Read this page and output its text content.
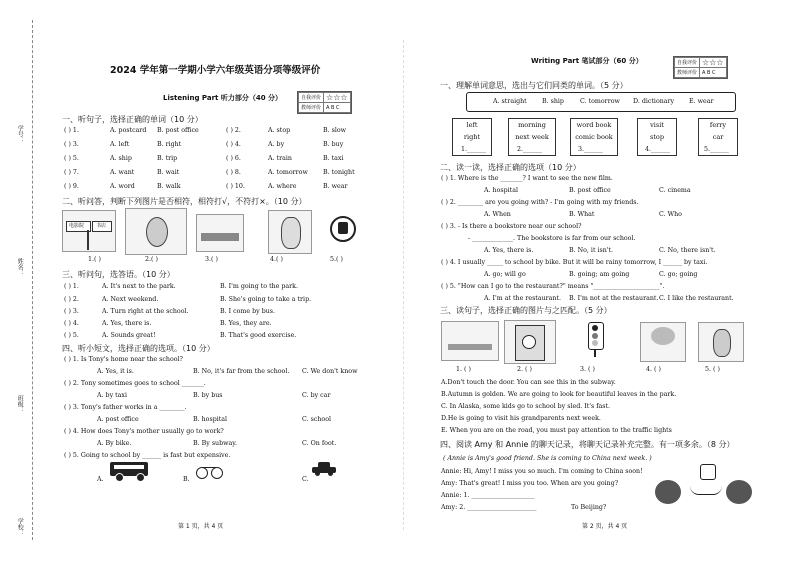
学号：
姓名：
班级：
学校：
2024 学年第一学期小学六年级英语分项等级评价
Listening Part 听力部分（40 分）	自我评价	☆☆☆
教师评价	A B C
一、听句子，选择正确的单词（10 分）
( ) 1.	A. postcard B. post office	( ) 2.	A. stop	B. slow
( ) 3.	A. left	B. right	( ) 4.	A. by	B. buy
( ) 5.	A. ship	B. trip	( ) 6.	A. train	B. taxi
( ) 7.	A. want	B. wait	( ) 8.	A. tomorrow B. tonight
( ) 9.	A. word	B. walk	( ) 10.	A. where	B. wear
二、听问答，判断下列图片是否相符，相符打√，不符打×。（10 分）
电影院 书店
1.( )	2.( )	3.( )	4.( )	5.( )
三、听问句，选答语。（10 分）
( ) 1.	A. It's next to the park.	B. I'm going to the park.
( ) 2.	A. Next weekend.	B. She's going to take a trip.
( ) 3.	A. Turn right at the school.	B. I come by bus.
( ) 4.	A. Yes, there is.	B. Yes, they are.
( ) 5.	A. Sounds great!	B. That's good exercise.
四、听小短文，选择正确的选项。（10 分）
( ) 1. Is Tony's home near the school?
A. Yes, it is.	B. No, it's far from the school. C. We don't know
( ) 2. Tony sometimes goes to school _______.
A. by taxi	B. by bus	C. by car
( ) 3. Tony's father works in a ________.
A. post office	B. hospital	C. school
( ) 4. How does Tony's mother usually go to work?
A. By bike.	B. By subway.	C. On foot.
( ) 5. Going to school by ______ is fast but expensive.
A.	B.	C.
第 1 页，共 4 页
Writing Part 笔试部分（60 分）	自我评价	☆☆☆
教师评价	A B C
一、理解单词意思，选出与它们同类的单词。（5 分）
A. straight B. ship	C. tomorrow D. dictionary E. wear
left
right
morning
next week
word book
comic book
visit
stop
ferry
car
1.______	2.______	3.______	4.______	5.______
二、读一读，选择正确的选项（10 分）
( ) 1. Where is the _______? I want to see the new film.
A. hospital	B. post office	C. cinema
( ) 2. ________ are you going with? - I'm going with my friends.
A. When	B. What	C. Who
( ) 3. - Is there a bookstore near our school?
- _____________. The bookstore is far from our school.
A. Yes, there is.	B. No, it isn't.	C. No, there isn't.
( ) 4. I usually _____ to school by bike. But it will be rainy tomorrow, I ______ by taxi.
A. go; will go	B. going; am going	C. go; going
( ) 5. "How can I go to the restaurant?" means "_____________________".
A. I'm at the restaurant. B. I'm not at the restaurant. C. I like the restaurant.
三、读句子，选择正确的图片与之匹配。（5 分）
1. ( )	2. ( )	3. ( )	4. ( )	5. ( )
A.Don't touch the door. You can see this in the subway.
B.Autumn is golden. We are going to look for beautiful leaves in the park.
C. In Alaska, some kids go to school by sled. It's fast.
D.He is going to visit his grandparents next week.
E. When you are on the road, you must pay attention to the traffic lights
四、阅读 Amy 和 Annie 的聊天记录，将聊天记录补充完整。有一项多余。（8 分）
( Annie is Amy's good friend. She is coming to China next week. )
Annie: Hi, Amy! I miss you so much. I'm coming to China soon!
Amy: That's great! I miss you too. When are you going?
Annie: 1. ____________________
Amy: 2. ______________________	To Beijing?
第 2 页，共 4 页
